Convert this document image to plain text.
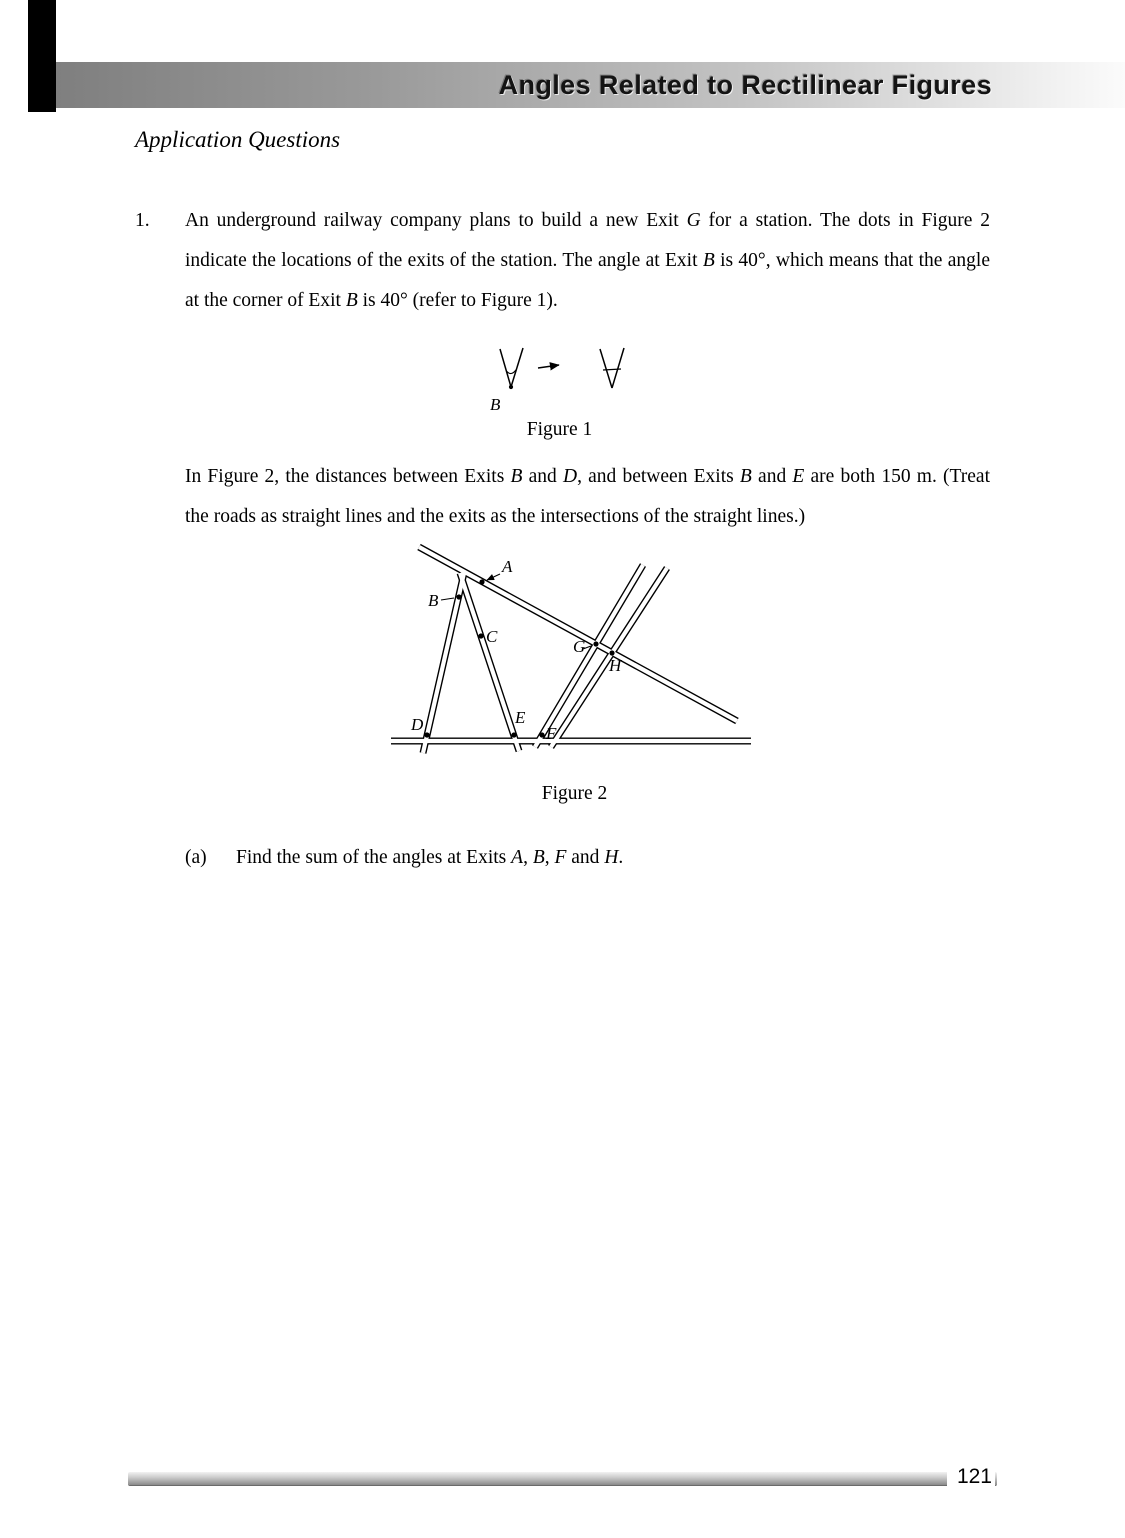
Angles Related to Rectilinear Figures
Application Questions
1.	An underground railway company plans to build a new Exit G for a station. The dots in Figure 2 indicate the locations of the exits of the station. The angle at Exit B is 40°, which means that the angle at the corner of Exit B is 40° (refer to Figure 1).

B
Figure 1

In Figure 2, the distances between Exits B and D, and between Exits B and E are both 150 m. (Treat the roads as straight lines and the exits as the intersections of the straight lines.)

A
B
C
D	E
F
G
H
Figure 2
(a)	Find the sum of the angles at Exits A, B, F and H.

121
